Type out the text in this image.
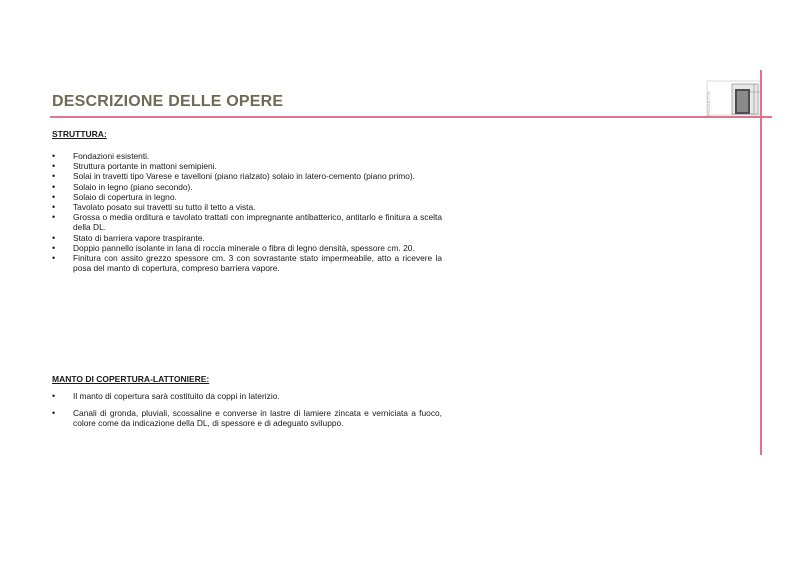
DESCRIZIONE DELLE OPERE	PROGETTO
STRUTTURA:
• Fondazioni esistenti.
• Struttura portante in mattoni semipieni.
• Solai in travetti tipo Varese e tavelloni (piano rialzato) solaio in latero-cemento (piano primo).
• Solaio in legno (piano secondo).
• Solaio di copertura in legno.
• Tavolato posato sui travetti su tutto il tetto a vista.
• Grossa o media orditura e tavolato trattati con impregnante antibatterico, antitarlo e finitura a scelta della DL.
• Stato di barriera vapore traspirante.
• Doppio pannello isolante in lana di roccia minerale o fibra di legno densità, spessore cm. 20.
• Finitura con assito grezzo spessore cm. 3 con sovrastante stato impermeabile, atto a ricevere la posa del manto di copertura, compreso barriera vapore.
MANTO DI COPERTURA-LATTONIERE:
• Il manto di copertura sarà costituito da coppi in laterizio.
• Canali di gronda, pluviali, scossaline e converse in lastre di lamiere zincata e verniciata a fuoco, colore come da indicazione della DL, di spessore e di adeguato sviluppo.
